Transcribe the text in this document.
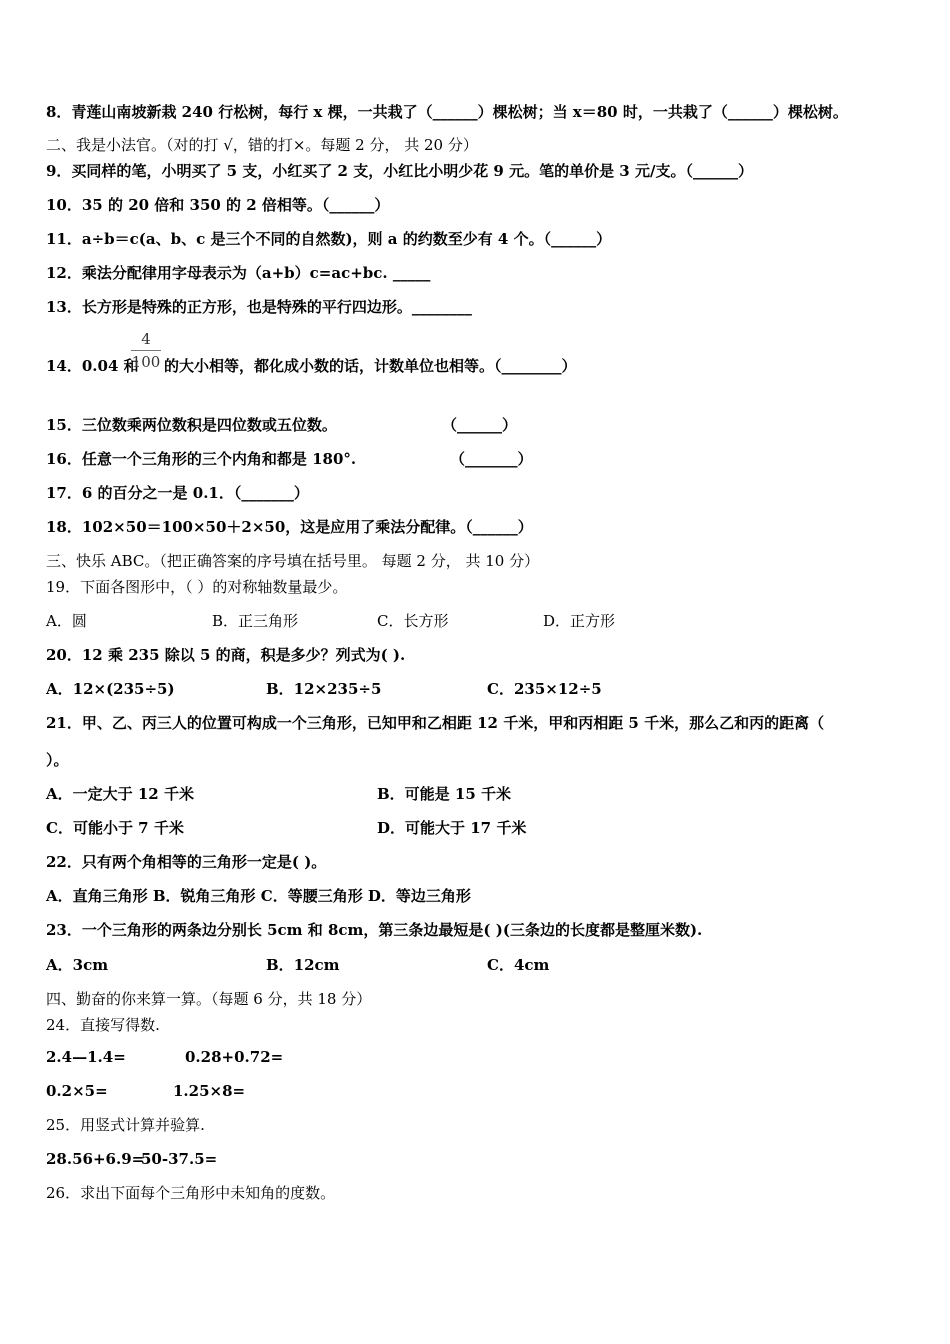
8．青莲山南坡新栽 240 行松树，每行 x 棵，一共栽了（______）棵松树；当 x＝80 时，一共栽了（______）棵松树。
二、我是小法官。（对的打 √，错的打×。每题 2 分， 共 20 分）
9．买同样的笔，小明买了 5 支，小红买了 2 支，小红比小明少花 9 元。笔的单价是 3 元/支。（______）
10．35 的 20 倍和 350 的 2 倍相等。（______）
11．a÷b＝c(a、b、c 是三个不同的自然数)，则 a 的约数至少有 4 个。（______）
12．乘法分配律用字母表示为（a+b）c=ac+bc. _____
13．长方形是特殊的正方形，也是特殊的平行四边形。________
14．0.04 和
4
100 的大小相等，都化成小数的话，计数单位也相等。（________）
15．三位数乘两位数积是四位数或五位数。	（______）
16．任意一个三角形的三个内角和都是 180°.	（_______）
17．6 的百分之一是 0.1．（_______）
18．102×50＝100×50＋2×50，这是应用了乘法分配律。（______）
三、快乐 ABC。（把正确答案的序号填在括号里。 每题 2 分， 共 10 分）
19．下面各图形中，（ ）的对称轴数量最少。
A．圆	B．正三角形	C．长方形	D．正方形
20．12 乘 235 除以 5 的商，积是多少？列式为( ).
A．12×(235÷5)	B．12×235÷5	C．235×12÷5
21．甲、乙、丙三人的位置可构成一个三角形，已知甲和乙相距 12 千米，甲和丙相距 5 千米，那么乙和丙的距离（
）。
A．一定大于 12 千米	B．可能是 15 千米
C．可能小于 7 千米	D．可能大于 17 千米
22．只有两个角相等的三角形一定是( )。
A．直角三角形 B．锐角三角形 C．等腰三角形 D．等边三角形
23．一个三角形的两条边分别长 5cm 和 8cm，第三条边最短是( )(三条边的长度都是整厘米数).
A．3cm	B．12cm	C．4cm
四、勤奋的你来算一算。（每题 6 分，共 18 分）
24．直接写得数.
2.4—1.4=	0.28+0.72=
0.2×5=	1.25×8=
25．用竖式计算并验算.
28.56+6.9=
50-37.5=
26．求出下面每个三角形中未知角的度数。
